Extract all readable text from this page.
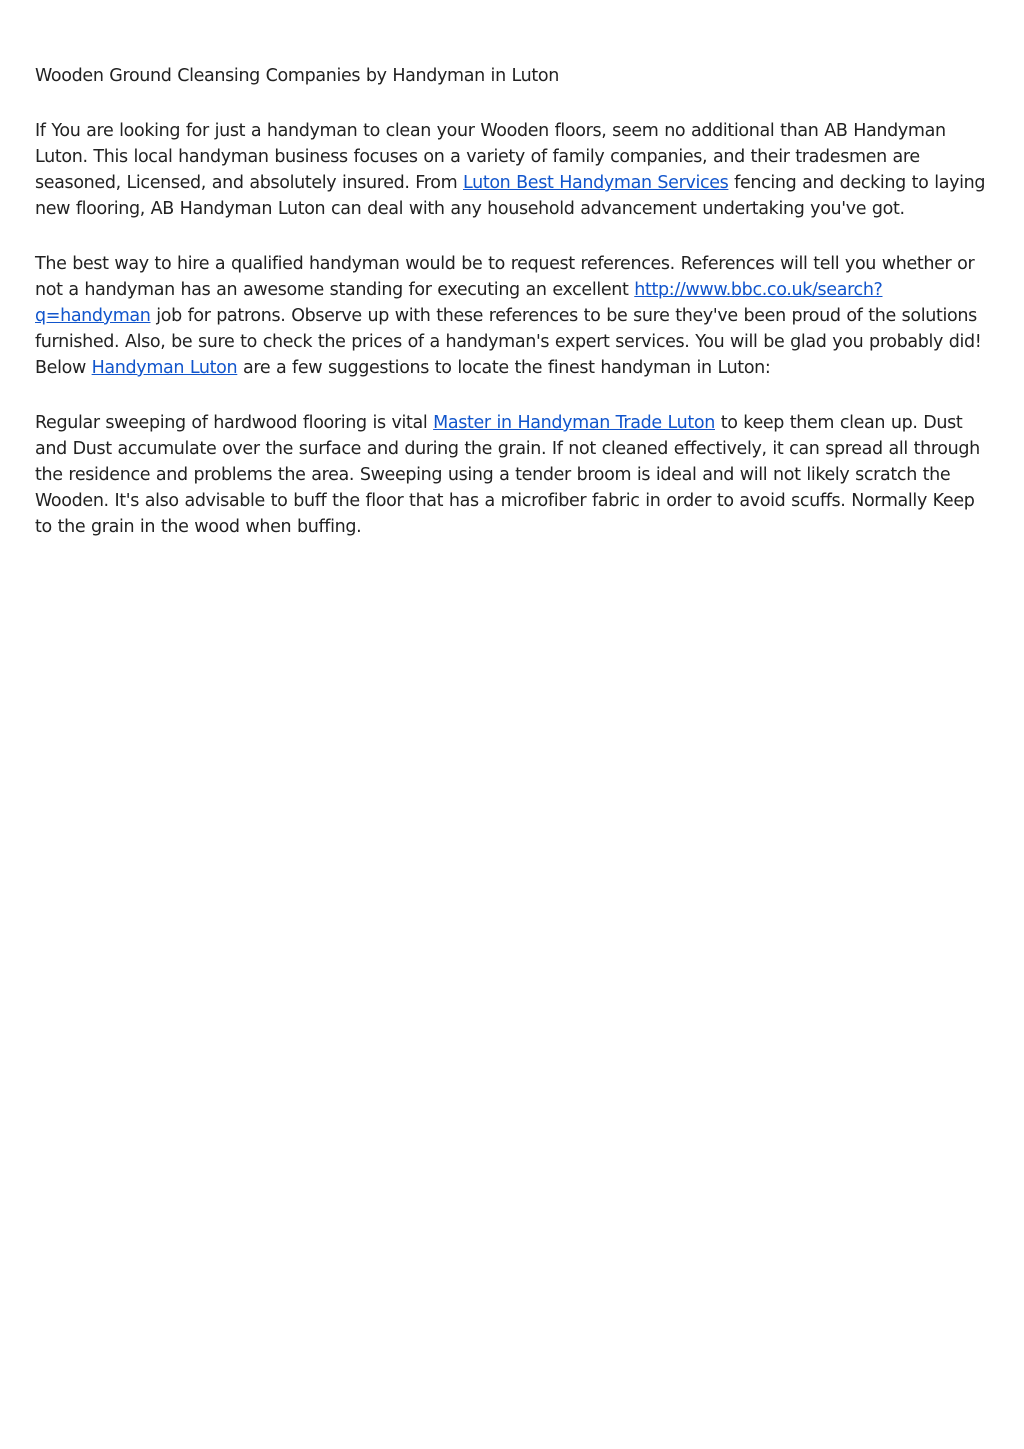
Wooden Ground Cleansing Companies by Handyman in Luton

If You are looking for just a handyman to clean your Wooden floors, seem no additional than AB Handyman Luton. This local handyman business focuses on a variety of family companies, and their tradesmen are seasoned, Licensed, and absolutely insured. From Luton Best Handyman Services fencing and decking to laying new flooring, AB Handyman Luton can deal with any household advancement undertaking you've got.

The best way to hire a qualified handyman would be to request references. References will tell you whether or not a handyman has an awesome standing for executing an excellent http://www.bbc.co.uk/search?q=handyman job for patrons. Observe up with these references to be sure they've been proud of the solutions furnished. Also, be sure to check the prices of a handyman's expert services. You will be glad you probably did! Below Handyman Luton are a few suggestions to locate the finest handyman in Luton:

Regular sweeping of hardwood flooring is vital Master in Handyman Trade Luton to keep them clean up. Dust and Dust accumulate over the surface and during the grain. If not cleaned effectively, it can spread all through the residence and problems the area. Sweeping using a tender broom is ideal and will not likely scratch the Wooden. It's also advisable to buff the floor that has a microfiber fabric in order to avoid scuffs. Normally Keep to the grain in the wood when buffing.
